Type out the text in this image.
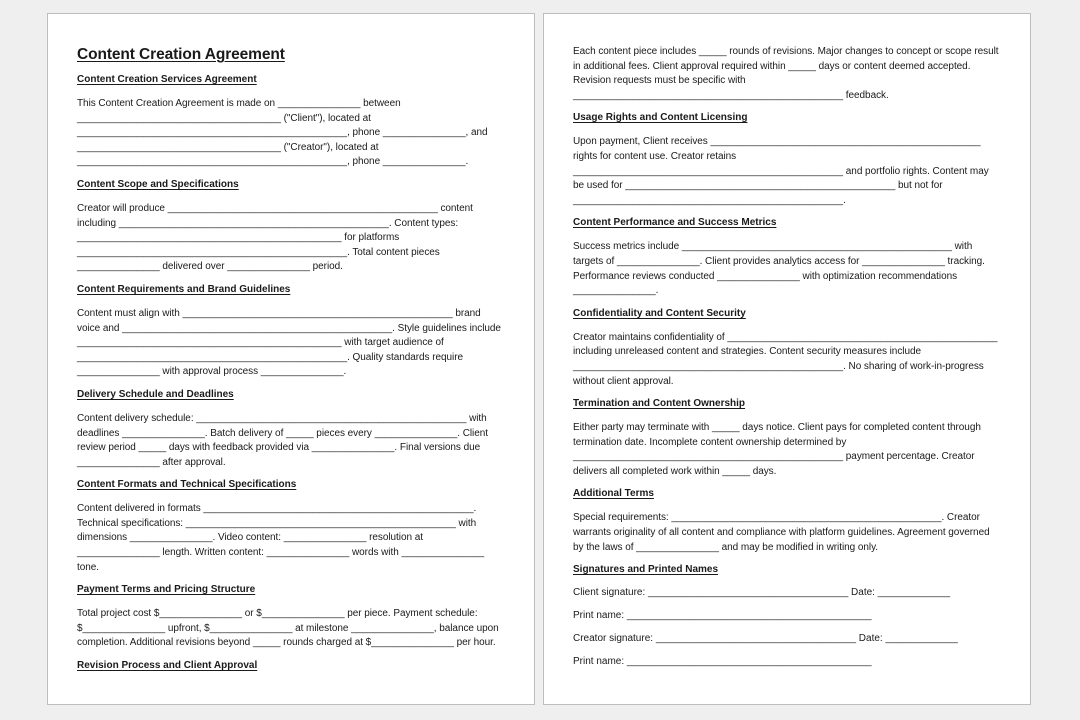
Content Creation Agreement
Content Creation Services Agreement

This Content Creation Agreement is made on _______________ between _____________________________________ ("Client"), located at _________________________________________________, phone _______________, and _____________________________________ ("Creator"), located at _________________________________________________, phone _______________.

Content Scope and Specifications

Creator will produce _________________________________________________ content including _________________________________________________. Content types: ________________________________________________ for platforms _________________________________________________. Total content pieces _______________ delivered over _______________ period.

Content Requirements and Brand Guidelines

Content must align with _________________________________________________ brand voice and _________________________________________________. Style guidelines include ________________________________________________ with target audience of _________________________________________________. Quality standards require _______________ with approval process _______________.

Delivery Schedule and Deadlines

Content delivery schedule: _________________________________________________ with deadlines _______________. Batch delivery of _____ pieces every _______________. Client review period _____ days with feedback provided via _______________. Final versions due _______________ after approval.

Content Formats and Technical Specifications

Content delivered in formats _________________________________________________. Technical specifications: _________________________________________________ with dimensions _______________. Video content: _______________ resolution at _______________ length. Written content: _______________ words with _______________ tone.

Payment Terms and Pricing Structure

Total project cost $_______________ or $_______________ per piece. Payment schedule: $_______________ upfront, $_______________ at milestone _______________, balance upon completion. Additional revisions beyond _____ rounds charged at $_______________ per hour.

Revision Process and Client Approval

Each content piece includes _____ rounds of revisions. Major changes to concept or scope result in additional fees. Client approval required within _____ days or content deemed accepted. Revision requests must be specific with _________________________________________________ feedback.

Usage Rights and Content Licensing

Upon payment, Client receives _________________________________________________ rights for content use. Creator retains _________________________________________________ and portfolio rights. Content may be used for _________________________________________________ but not for _________________________________________________.

Content Performance and Success Metrics

Success metrics include _________________________________________________ with targets of _______________. Client provides analytics access for _______________ tracking. Performance reviews conducted _______________ with optimization recommendations _______________.

Confidentiality and Content Security

Creator maintains confidentiality of _________________________________________________ including unreleased content and strategies. Content security measures include _________________________________________________. No sharing of work-in-progress without client approval.

Termination and Content Ownership

Either party may terminate with _____ days notice. Client pays for completed content through termination date. Incomplete content ownership determined by _________________________________________________ payment percentage. Creator delivers all completed work within _____ days.

Additional Terms

Special requirements: _________________________________________________. Creator warrants originality of all content and compliance with platform guidelines. Agreement governed by the laws of _______________ and may be modified in writing only.

Signatures and Printed Names
Client signature: ____________________________________ Date: _____________
Print name: ____________________________________________
Creator signature: ____________________________________ Date: _____________
Print name: ____________________________________________
